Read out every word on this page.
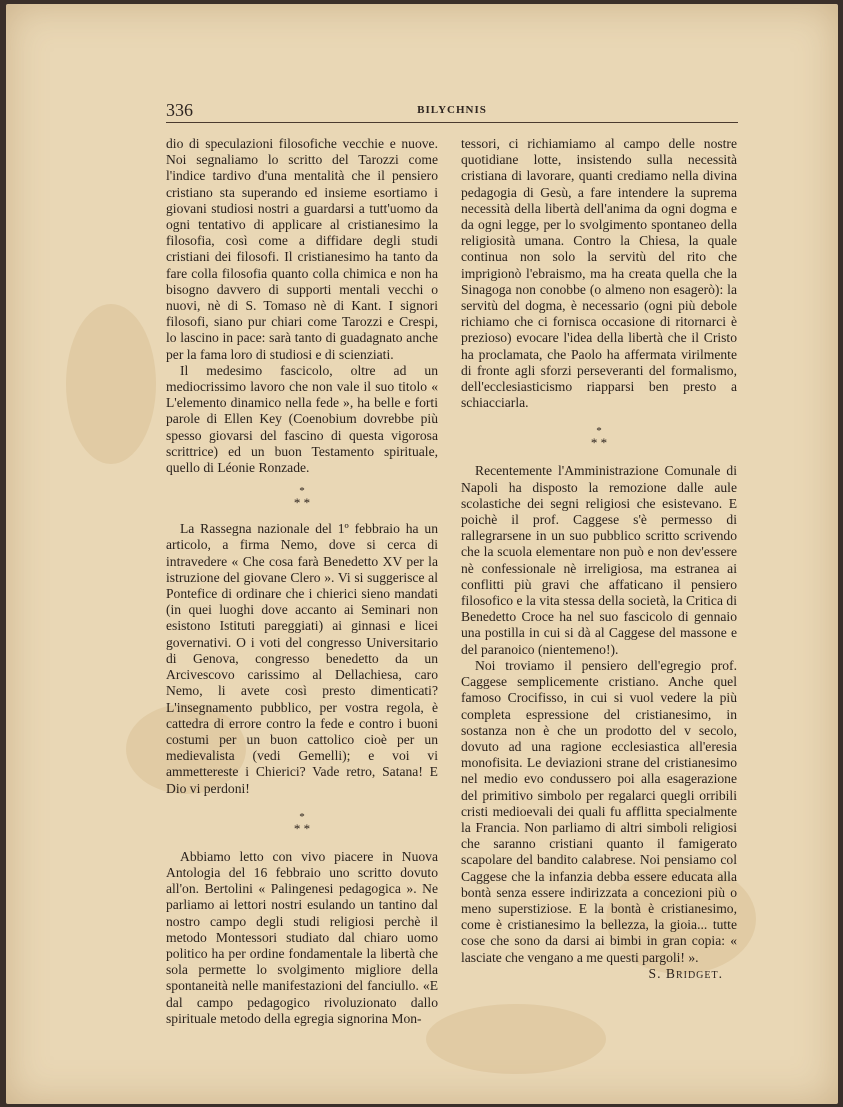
336	BILYCHNIS

dio di speculazioni filosofiche vecchie e nuove. Noi segnaliamo lo scritto del Tarozzi come l'indice tardivo d'una mentalità che il pensiero cristiano sta superando ed insieme esortiamo i giovani studiosi nostri a guardarsi a tutt'uomo da ogni tentativo di applicare al cristianesimo la filosofia, così come a diffidare degli studi cristiani dei filosofi. Il cristianesimo ha tanto da fare colla filosofia quanto colla chimica e non ha bisogno davvero di supporti mentali vecchi o nuovi, nè di S. Tomaso nè di Kant. I signori filosofi, siano pur chiari come Tarozzi e Crespi, lo lascino in pace: sarà tanto di guadagnato anche per la fama loro di studiosi e di scienziati.

Il medesimo fascicolo, oltre ad un mediocrissimo lavoro che non vale il suo titolo « L'elemento dinamico nella fede », ha belle e forti parole di Ellen Key (Coenobium dovrebbe più spesso giovarsi del fascino di questa vigorosa scrittrice) ed un buon Testamento spirituale, quello di Léonie Ronzade.

*
* *

La Rassegna nazionale del 1º febbraio ha un articolo, a firma Nemo, dove si cerca di intravedere « Che cosa farà Benedetto XV per la istruzione del giovane Clero ». Vi si suggerisce al Pontefice di ordinare che i chierici sieno mandati (in quei luoghi dove accanto ai Seminari non esistono Istituti pareggiati) ai ginnasi e licei governativi. O i voti del congresso Universitario di Genova, congresso benedetto da un Arcivescovo carissimo al Dellachiesa, caro Nemo, li avete così presto dimenticati? L'insegnamento pubblico, per vostra regola, è cattedra di errore contro la fede e contro i buoni costumi per un buon cattolico cioè per un medievalista (vedi Gemelli); e voi vi ammettereste i Chierici? Vade retro, Satana! E Dio vi perdoni!

*
* *

Abbiamo letto con vivo piacere in Nuova Antologia del 16 febbraio uno scritto dovuto all'on. Bertolini « Palingenesi pedagogica ». Ne parliamo ai lettori nostri esulando un tantino dal nostro campo degli studi religiosi perchè il metodo Montessori studiato dal chiaro uomo politico ha per ordine fondamentale la libertà che sola permette lo svolgimento migliore della spontaneità nelle manifestazioni del fanciullo. «E dal campo pedagogico rivoluzionato dallo spirituale metodo della egregia signorina Mon-

tessori, ci richiamiamo al campo delle nostre quotidiane lotte, insistendo sulla necessità cristiana di lavorare, quanti crediamo nella divina pedagogia di Gesù, a fare intendere la suprema necessità della libertà dell'anima da ogni dogma e da ogni legge, per lo svolgimento spontaneo della religiosità umana. Contro la Chiesa, la quale continua non solo la servitù del rito che imprigionò l'ebraismo, ma ha creata quella che la Sinagoga non conobbe (o almeno non esagerò): la servitù del dogma, è necessario (ogni più debole richiamo che ci fornisca occasione di ritornarci è prezioso) evocare l'idea della libertà che il Cristo ha proclamata, che Paolo ha affermata virilmente di fronte agli sforzi perseveranti del formalismo, dell'ecclesiasticismo riapparsi ben presto a schiacciarla.

*
* *

Recentemente l'Amministrazione Comunale di Napoli ha disposto la remozione dalle aule scolastiche dei segni religiosi che esistevano. E poichè il prof. Caggese s'è permesso di rallegrarsene in un suo pubblico scritto scrivendo che la scuola elementare non può e non dev'essere nè confessionale nè irreligiosa, ma estranea ai conflitti più gravi che affaticano il pensiero filosofico e la vita stessa della società, la Critica di Benedetto Croce ha nel suo fascicolo di gennaio una postilla in cui si dà al Caggese del massone e del paranoico (nientemeno!).

Noi troviamo il pensiero dell'egregio prof. Caggese semplicemente cristiano. Anche quel famoso Crocifisso, in cui si vuol vedere la più completa espressione del cristianesimo, in sostanza non è che un prodotto del v secolo, dovuto ad una ragione ecclesiastica all'eresia monofisita. Le deviazioni strane del cristianesimo nel medio evo condussero poi alla esagerazione del primitivo simbolo per regalarci quegli orribili cristi medioevali dei quali fu afflitta specialmente la Francia. Non parliamo di altri simboli religiosi che saranno cristiani quanto il famigerato scapolare del bandito calabrese. Noi pensiamo col Caggese che la infanzia debba essere educata alla bontà senza essere indirizzata a concezioni più o meno superstiziose. E la bontà è cristianesimo, come è cristianesimo la bellezza, la gioia... tutte cose che sono da darsi ai bimbi in gran copia: « lasciate che vengano a me questi pargoli! ».

S. Bridget.
